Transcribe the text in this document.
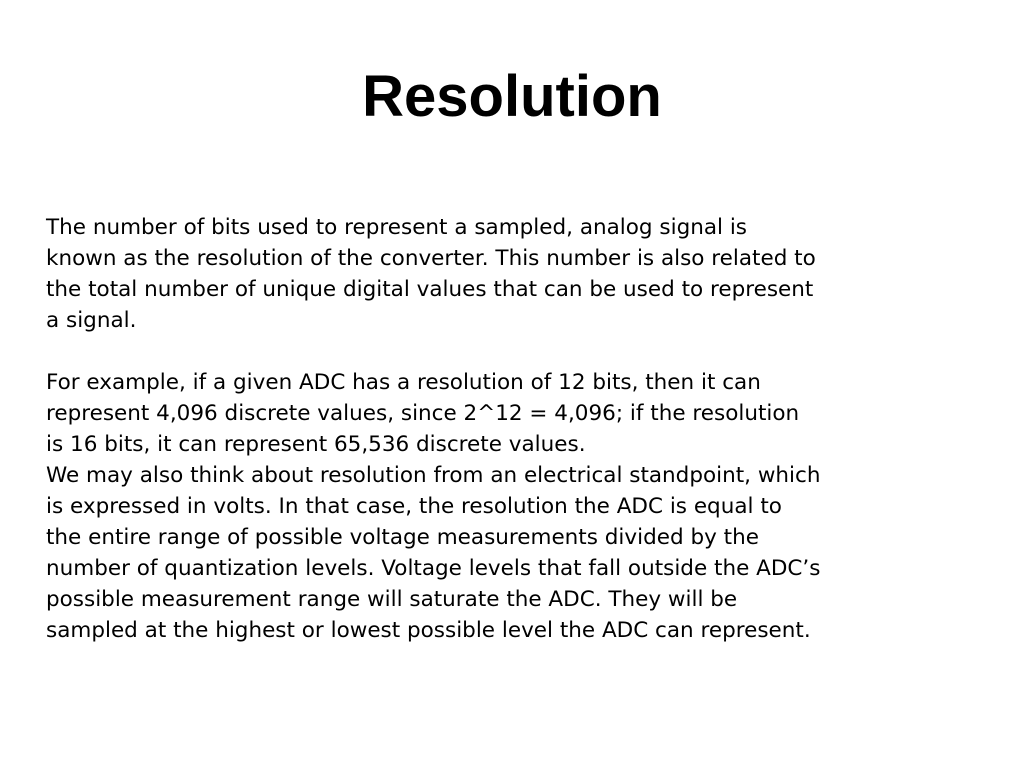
Resolution

The number of bits used to represent a sampled, analog signal is
known as the resolution of the converter. This number is also related to
the total number of unique digital values that can be used to represent
a signal.

For example, if a given ADC has a resolution of 12 bits, then it can
represent 4,096 discrete values, since 2^12 = 4,096; if the resolution
is 16 bits, it can represent 65,536 discrete values.

We may also think about resolution from an electrical standpoint, which
is expressed in volts. In that case, the resolution the ADC is equal to
the entire range of possible voltage measurements divided by the
number of quantization levels. Voltage levels that fall outside the ADC’s
possible measurement range will saturate the ADC. They will be
sampled at the highest or lowest possible level the ADC can represent.
